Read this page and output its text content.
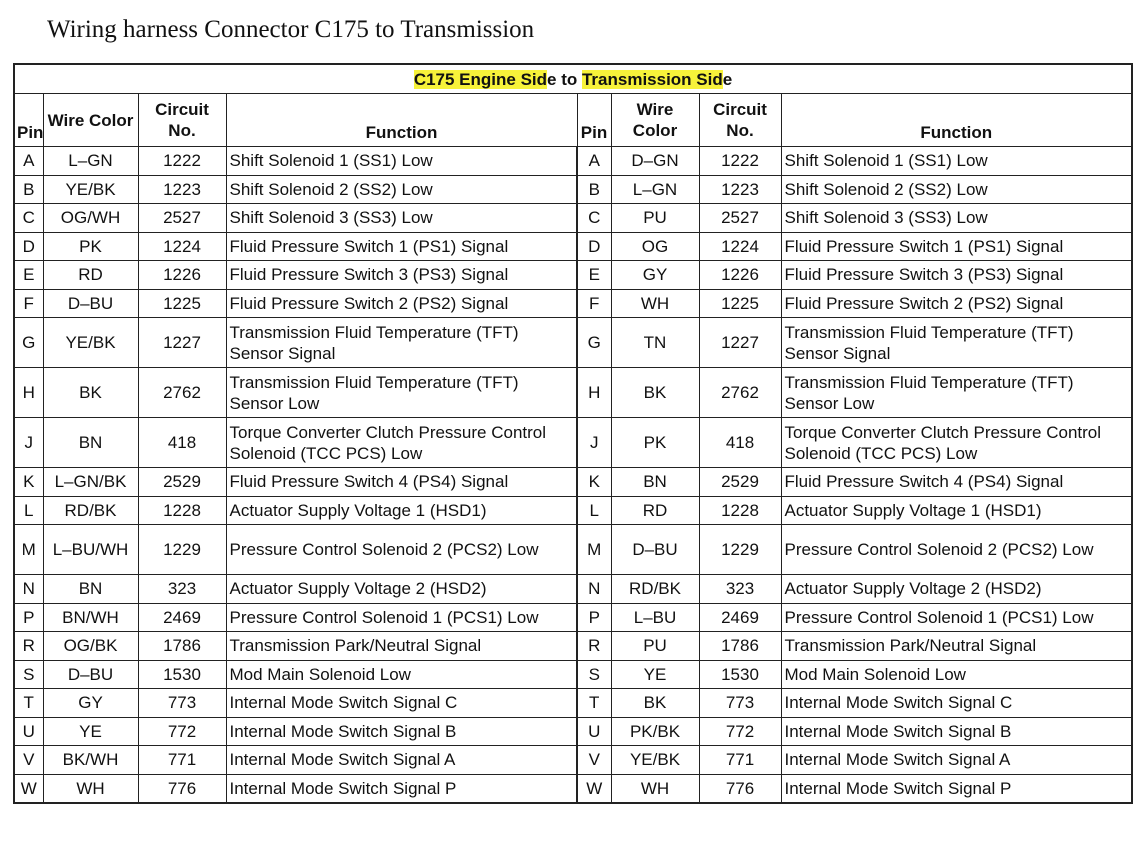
Wiring harness Connector C175 to Transmission
C175 Engine Side to Transmission Side							
Pin	Wire Color	Circuit No.	Function	Pin	Wire Color	Circuit No.	Function
A	L–GN	1222	Shift Solenoid 1 (SS1) Low	A	D–GN	1222	Shift Solenoid 1 (SS1) Low
B	YE/BK	1223	Shift Solenoid 2 (SS2) Low	B	L–GN	1223	Shift Solenoid 2 (SS2) Low
C	OG/WH	2527	Shift Solenoid 3 (SS3) Low	C	PU	2527	Shift Solenoid 3 (SS3) Low
D	PK	1224	Fluid Pressure Switch 1 (PS1) Signal	D	OG	1224	Fluid Pressure Switch 1 (PS1) Signal
E	RD	1226	Fluid Pressure Switch 3 (PS3) Signal	E	GY	1226	Fluid Pressure Switch 3 (PS3) Signal
F	D–BU	1225	Fluid Pressure Switch 2 (PS2) Signal	F	WH	1225	Fluid Pressure Switch 2 (PS2) Signal
G	YE/BK	1227	Transmission Fluid Temperature (TFT) Sensor Signal	G	TN	1227	Transmission Fluid Temperature (TFT) Sensor Signal
H	BK	2762	Transmission Fluid Temperature (TFT) Sensor Low	H	BK	2762	Transmission Fluid Temperature (TFT) Sensor Low
J	BN	418	Torque Converter Clutch Pressure Control Solenoid (TCC PCS) Low	J	PK	418	Torque Converter Clutch Pressure Control Solenoid (TCC PCS) Low
K	L–GN/BK	2529	Fluid Pressure Switch 4 (PS4) Signal	K	BN	2529	Fluid Pressure Switch 4 (PS4) Signal
L	RD/BK	1228	Actuator Supply Voltage 1 (HSD1)	L	RD	1228	Actuator Supply Voltage 1 (HSD1)
M	L–BU/WH	1229	Pressure Control Solenoid 2 (PCS2) Low	M	D–BU	1229	Pressure Control Solenoid 2 (PCS2) Low
N	BN	323	Actuator Supply Voltage 2 (HSD2)	N	RD/BK	323	Actuator Supply Voltage 2 (HSD2)
P	BN/WH	2469	Pressure Control Solenoid 1 (PCS1) Low	P	L–BU	2469	Pressure Control Solenoid 1 (PCS1) Low
R	OG/BK	1786	Transmission Park/Neutral Signal	R	PU	1786	Transmission Park/Neutral Signal
S	D–BU	1530	Mod Main Solenoid Low	S	YE	1530	Mod Main Solenoid Low
T	GY	773	Internal Mode Switch Signal C	T	BK	773	Internal Mode Switch Signal C
U	YE	772	Internal Mode Switch Signal B	U	PK/BK	772	Internal Mode Switch Signal B
V	BK/WH	771	Internal Mode Switch Signal A	V	YE/BK	771	Internal Mode Switch Signal A
W	WH	776	Internal Mode Switch Signal P	W	WH	776	Internal Mode Switch Signal P
